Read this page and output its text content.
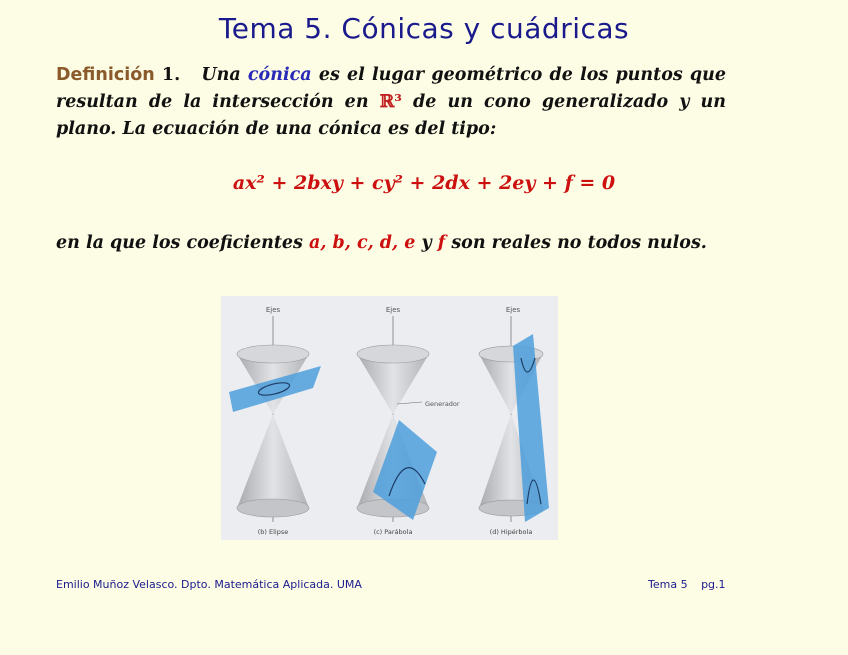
Tema 5. Cónicas y cuádricas
Definición 1. Una cónica es el lugar geométrico de los puntos que resultan de la intersección en ℝ³ de un cono generalizado y un plano. La ecuación de una cónica es del tipo:
ax² + 2bxy + cy² + 2dx + 2ey + f = 0
en la que los coeficientes a, b, c, d, e y f son reales no todos nulos.
Ejes	Ejes	Ejes
Generador
(b) Elipse	(c) Parábola	(d) Hipérbola
Emilio Muñoz Velasco. Dpto. Matemática Aplicada. UMA	Tema 5 pg.1
